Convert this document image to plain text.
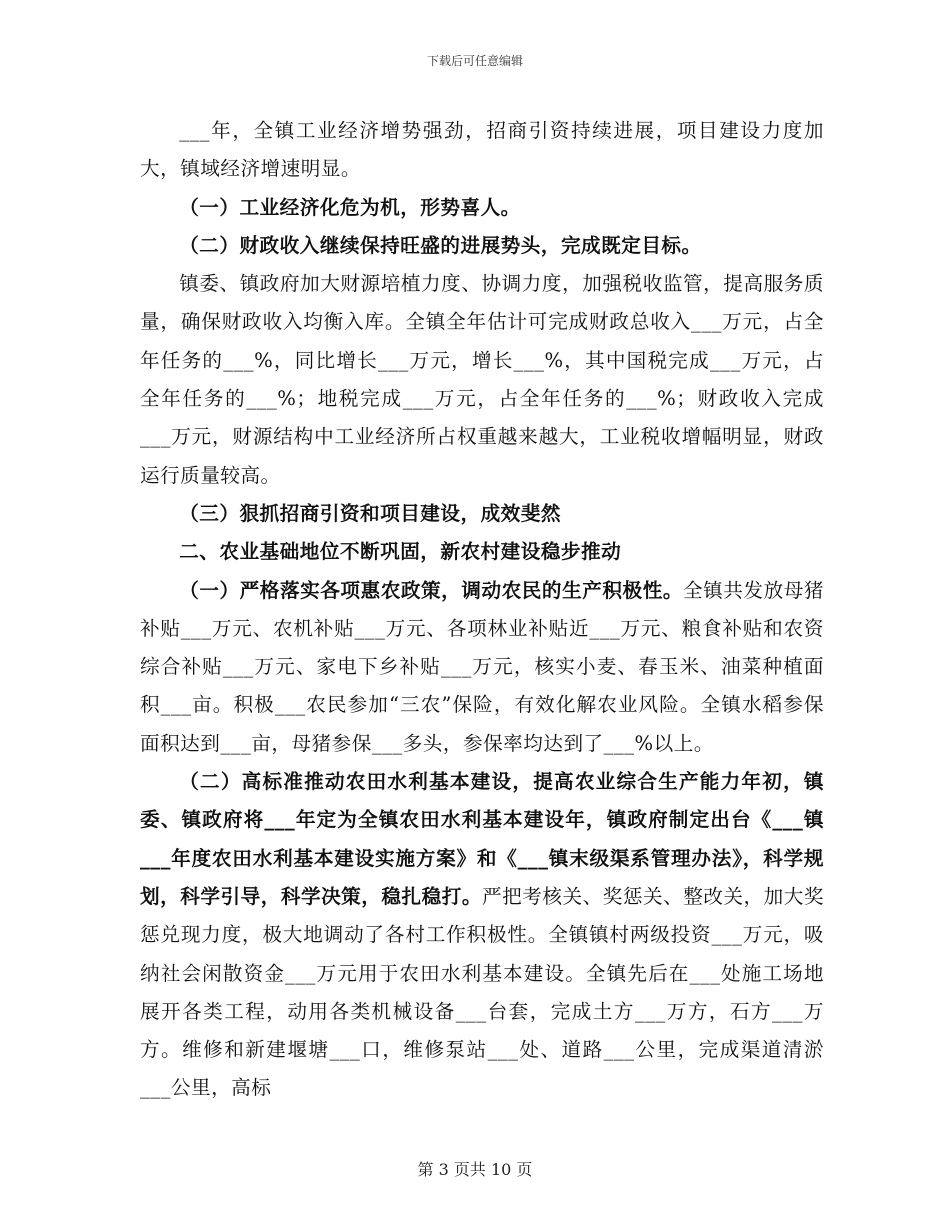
下载后可任意编辑

___年，全镇工业经济增势强劲，招商引资持续进展，项目建设力度加大，镇域经济增速明显。

（一）工业经济化危为机，形势喜人。

（二）财政收入继续保持旺盛的进展势头，完成既定目标。

镇委、镇政府加大财源培植力度、协调力度，加强税收监管，提高服务质量，确保财政收入均衡入库。全镇全年估计可完成财政总收入___万元，占全年任务的___%，同比增长___万元，增长___%，其中国税完成___万元，占全年任务的___%；地税完成___万元，占全年任务的___%；财政收入完成___万元，财源结构中工业经济所占权重越来越大，工业税收增幅明显，财政运行质量较高。

（三）狠抓招商引资和项目建设，成效斐然

二、农业基础地位不断巩固，新农村建设稳步推动

（一）严格落实各项惠农政策，调动农民的生产积极性。全镇共发放母猪补贴___万元、农机补贴___万元、各项林业补贴近___万元、粮食补贴和农资综合补贴___万元、家电下乡补贴___万元，核实小麦、春玉米、油菜种植面积___亩。积极___农民参加“三农”保险，有效化解农业风险。全镇水稻参保面积达到___亩，母猪参保___多头，参保率均达到了___%以上。

（二）高标准推动农田水利基本建设，提高农业综合生产能力年初，镇委、镇政府将___年定为全镇农田水利基本建设年，镇政府制定出台《___镇___年度农田水利基本建设实施方案》和《___镇末级渠系管理办法》，科学规划，科学引导，科学决策，稳扎稳打。严把考核关、奖惩关、整改关，加大奖惩兑现力度，极大地调动了各村工作积极性。全镇镇村两级投资___万元，吸纳社会闲散资金___万元用于农田水利基本建设。全镇先后在___处施工场地展开各类工程，动用各类机械设备___台套，完成土方___万方，石方___万方。维修和新建堰塘___口，维修泵站___处、道路___公里，完成渠道清淤___公里，高标

第 3 页共 10 页
